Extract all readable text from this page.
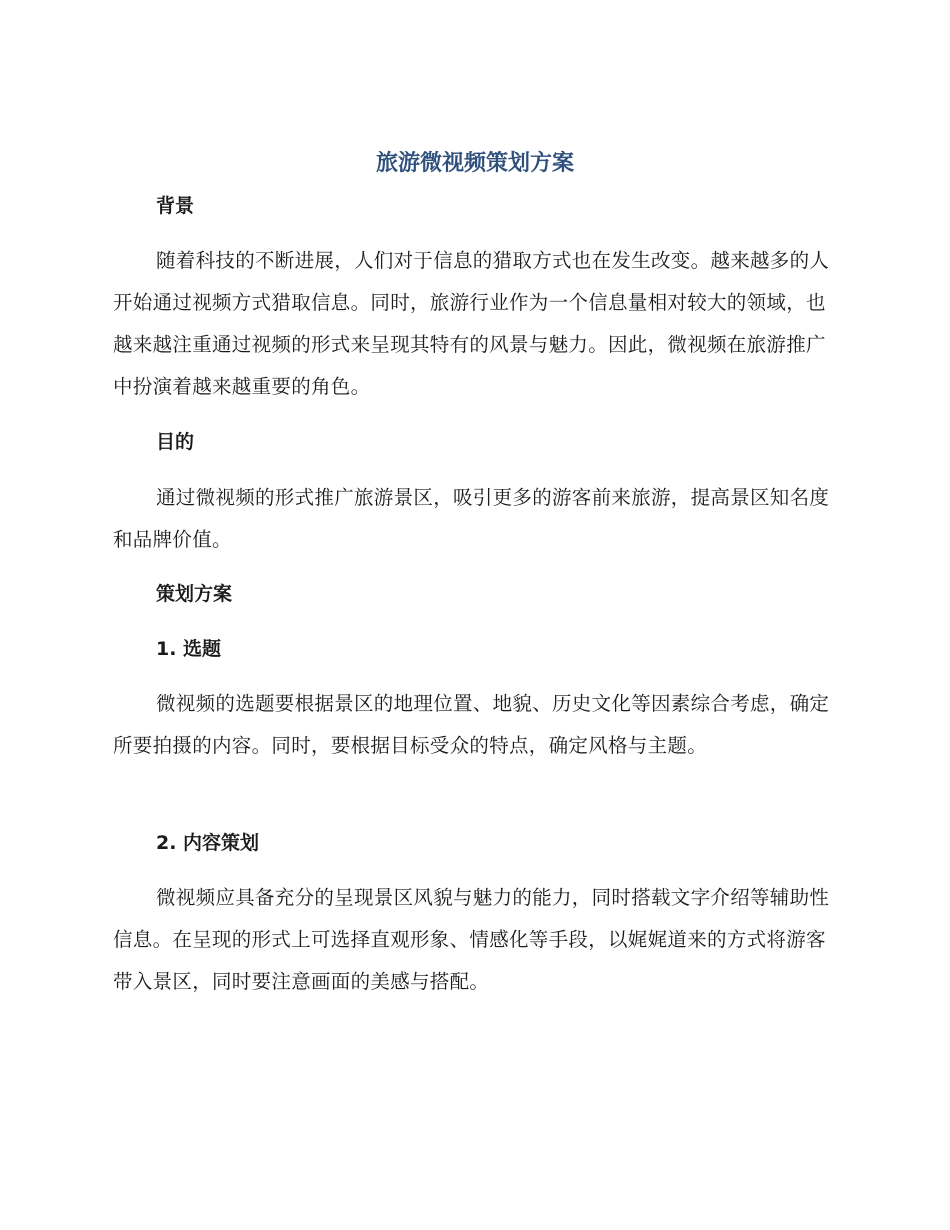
旅游微视频策划方案
背景

随着科技的不断进展，人们对于信息的猎取方式也在发生改变。越来越多的人开始通过视频方式猎取信息。同时，旅游行业作为一个信息量相对较大的领域，也越来越注重通过视频的形式来呈现其特有的风景与魅力。因此，微视频在旅游推广中扮演着越来越重要的角色。

目的

通过微视频的形式推广旅游景区，吸引更多的游客前来旅游，提高景区知名度和品牌价值。

策划方案
1. 选题

微视频的选题要根据景区的地理位置、地貌、历史文化等因素综合考虑，确定所要拍摄的内容。同时，要根据目标受众的特点，确定风格与主题。

2. 内容策划

微视频应具备充分的呈现景区风貌与魅力的能力，同时搭载文字介绍等辅助性信息。在呈现的形式上可选择直观形象、情感化等手段，以娓娓道来的方式将游客带入景区，同时要注意画面的美感与搭配。
